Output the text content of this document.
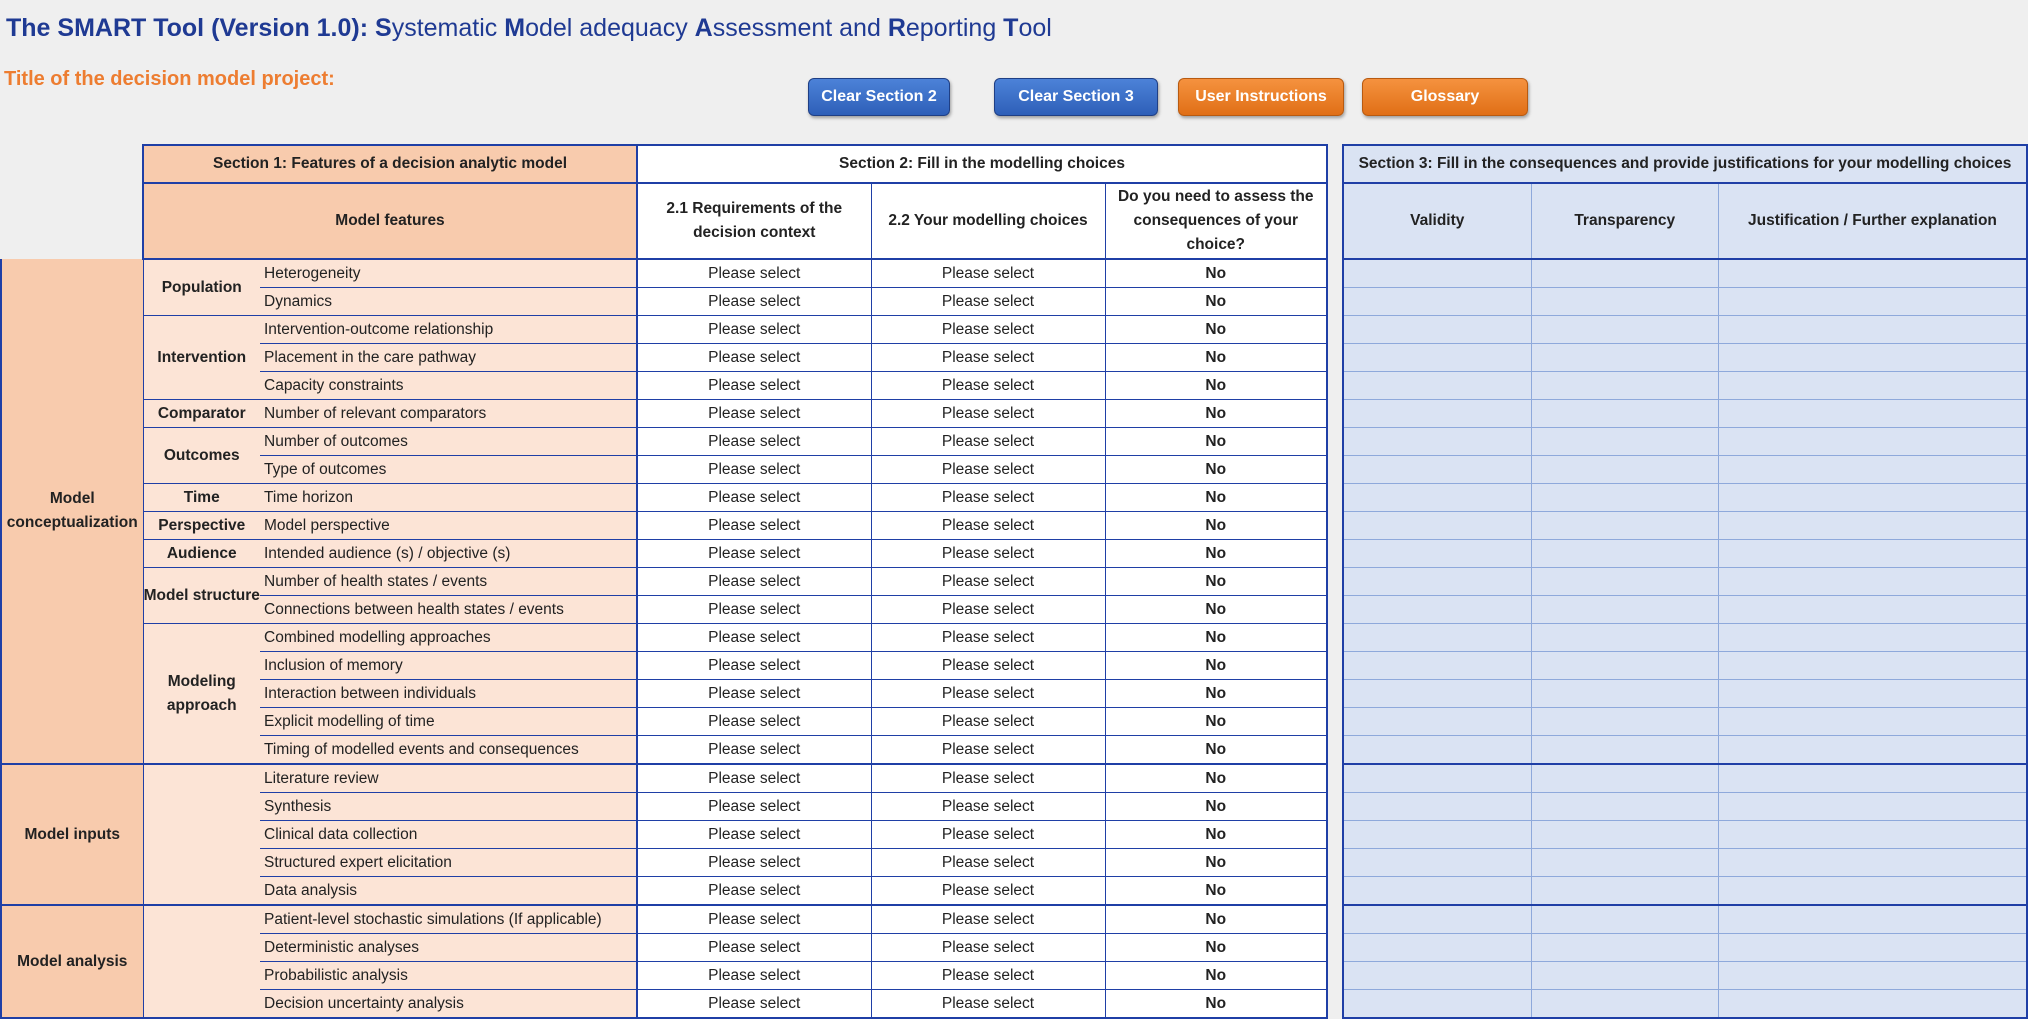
The SMART Tool (Version 1.0): Systematic Model adequacy Assessment and Reporting Tool
Title of the decision model project:
Clear Section 2	Clear Section 3	User Instructions	Glossary
	Section 1: Features of a decision analytic model		Section 2: Fill in the modelling choices		
	Model features		2.1 Requirements of the decision context	2.2 Your modelling choices	Do you need to assess the consequences of your choice?
Model conceptualization	Population	Heterogeneity	Please select	Please select	No
		Dynamics	Please select	Please select	No
	Intervention	Intervention-outcome relationship	Please select	Please select	No
		Placement in the care pathway	Please select	Please select	No
		Capacity constraints	Please select	Please select	No
	Comparator	Number of relevant comparators	Please select	Please select	No
	Outcomes	Number of outcomes	Please select	Please select	No
		Type of outcomes	Please select	Please select	No
	Time	Time horizon	Please select	Please select	No
	Perspective	Model perspective	Please select	Please select	No
	Audience	Intended audience (s) / objective (s)	Please select	Please select	No
	Model structure	Number of health states / events	Please select	Please select	No
		Connections between health states / events	Please select	Please select	No
	Modeling approach	Combined modelling approaches	Please select	Please select	No
		Inclusion of memory	Please select	Please select	No
		Interaction between individuals	Please select	Please select	No
		Explicit modelling of time	Please select	Please select	No
		Timing of modelled events and consequences	Please select	Please select	No
Model inputs		Literature review	Please select	Please select	No
		Synthesis	Please select	Please select	No
		Clinical data collection	Please select	Please select	No
		Structured expert elicitation	Please select	Please select	No
		Data analysis	Please select	Please select	No
Model analysis		Patient-level stochastic simulations (If applicable)	Please select	Please select	No
		Deterministic analyses	Please select	Please select	No
		Probabilistic analysis	Please select	Please select	No
		Decision uncertainty analysis	Please select	Please select	No
Section 3: Fill in the consequences and provide justifications for your modelling choices		
Validity	Transparency	Justification / Further explanation
